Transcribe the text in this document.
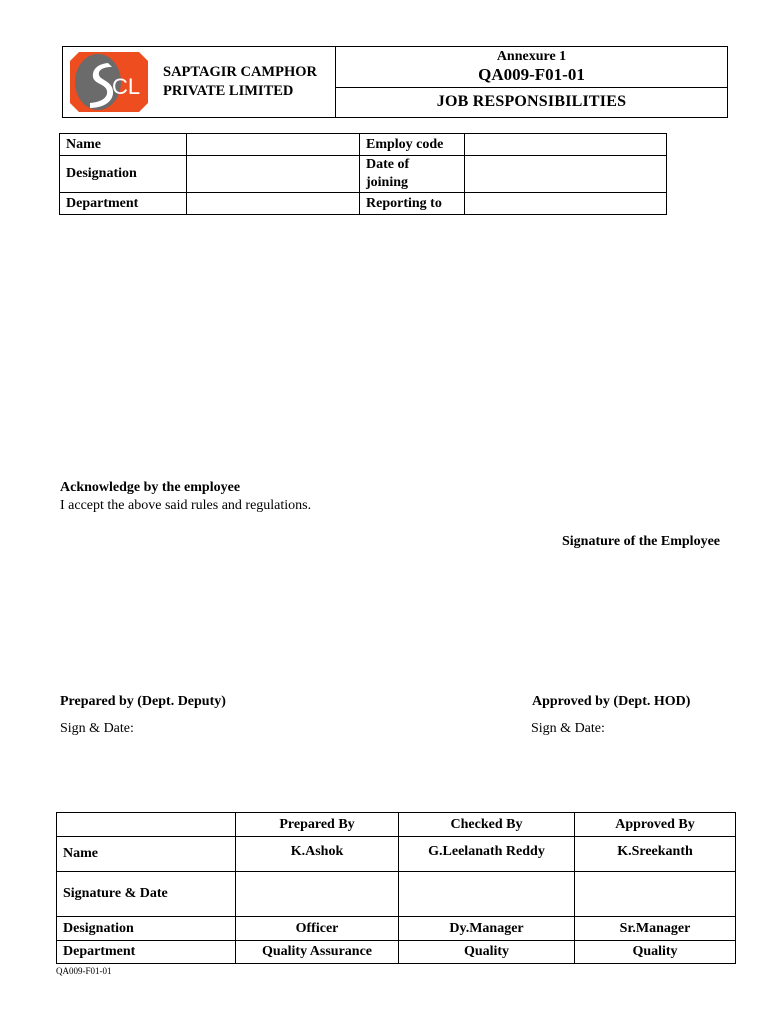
CL
SAPTAGIR CAMPHOR
PRIVATE LIMITED

Annexure 1
QA009-F01-01

JOB RESPONSIBILITIES
Name		Employ code	
Designation		Date of
joining	

Department		Reporting to	
Acknowledge by the employee
I accept the above said rules and regulations.
Signature of the Employee
Prepared by (Dept. Deputy)
Sign & Date:
Approved by (Dept. HOD)
Sign & Date:
	Prepared By	Checked By	Approved By
Name	K.Ashok	G.Leelanath Reddy	K.Sreekanth
Signature & Date			
Designation	Officer	Dy.Manager	Sr.Manager
Department	Quality Assurance	Quality	Quality
QA009-F01-01
